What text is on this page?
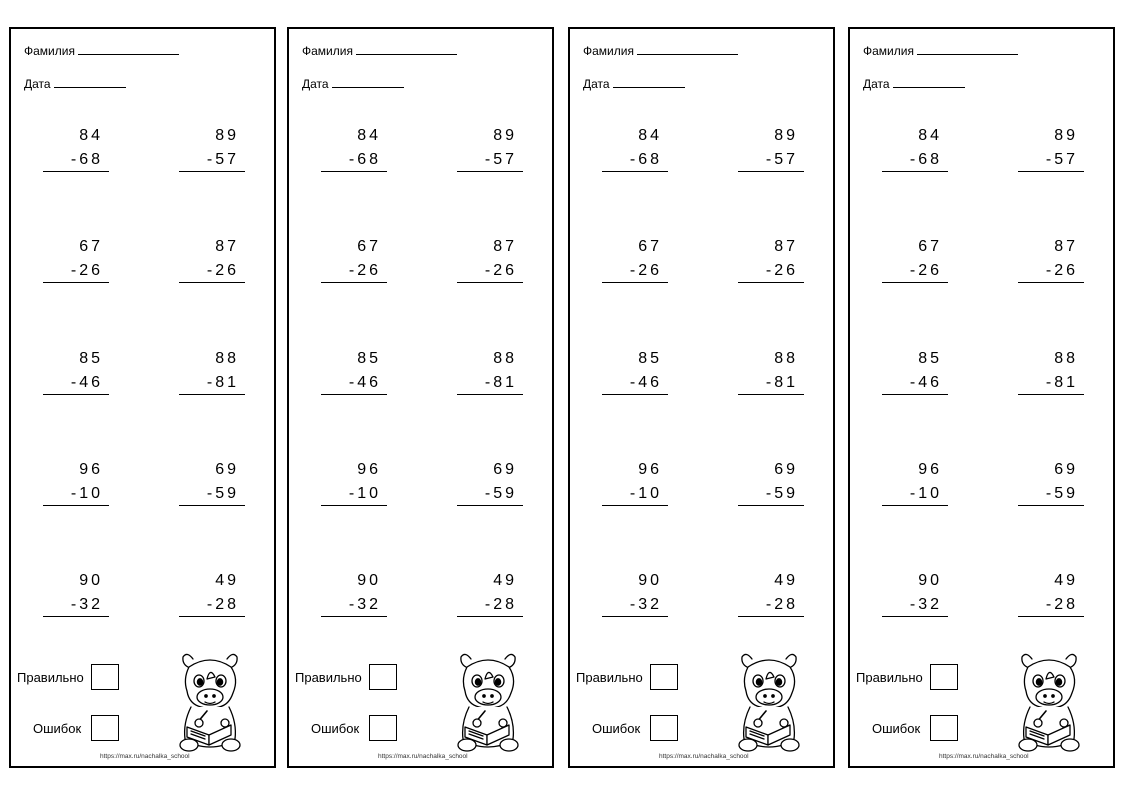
Фамилия
Дата
84
-68
89
-57
67
-26
87
-26
85
-46
88
-81
96
-10
69
-59
90
-32
49
-28
Правильно
Ошибок
https://max.ru/nachalka_school
Фамилия
Дата
84
-68
89
-57
67
-26
87
-26
85
-46
88
-81
96
-10
69
-59
90
-32
49
-28
Правильно
Ошибок
https://max.ru/nachalka_school
Фамилия
Дата
84
-68
89
-57
67
-26
87
-26
85
-46
88
-81
96
-10
69
-59
90
-32
49
-28
Правильно
Ошибок
https://max.ru/nachalka_school
Фамилия
Дата
84
-68
89
-57
67
-26
87
-26
85
-46
88
-81
96
-10
69
-59
90
-32
49
-28
Правильно
Ошибок
https://max.ru/nachalka_school
